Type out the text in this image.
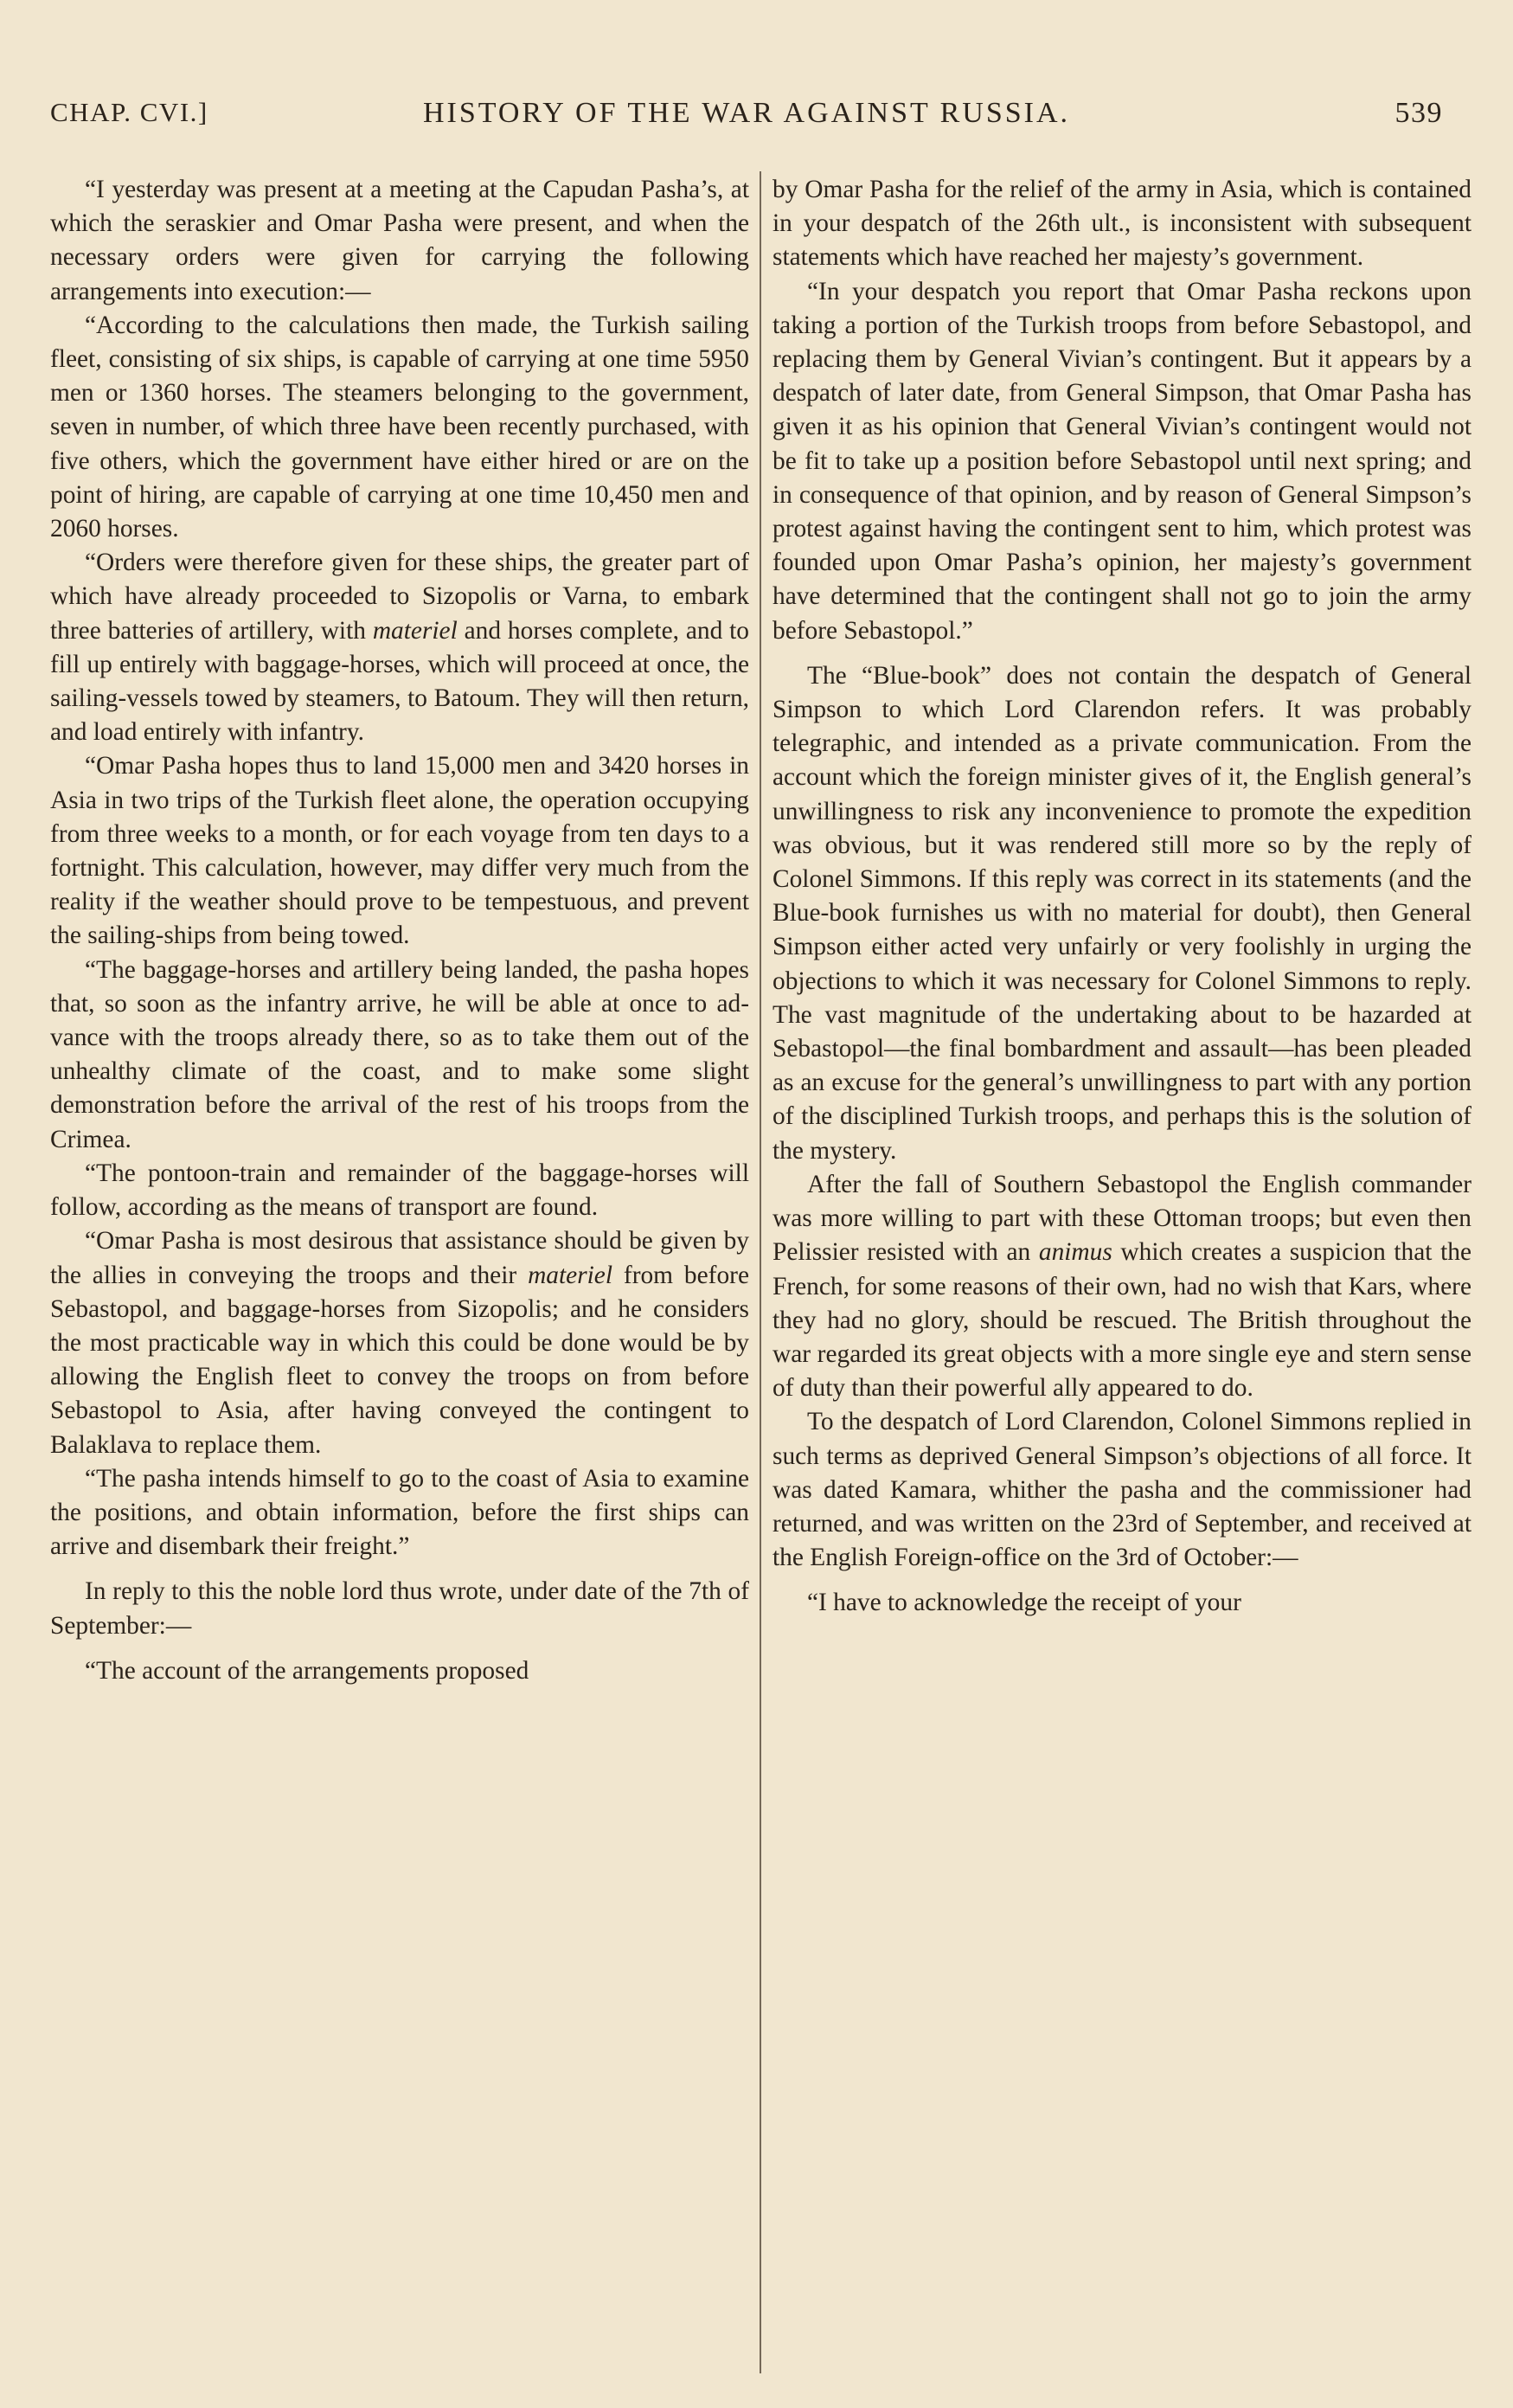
CHAP. CVI.]	HISTORY OF THE WAR AGAINST RUSSIA.	539

“I yesterday was present at a meeting at the Capudan Pasha’s, at which the seraskier and Omar Pasha were present, and when the necessary orders were given for carrying the following arrangements into execution:—

“According to the calculations then made, the Turkish sailing fleet, consisting of six ships, is capable of carrying at one time 5950 men or 1360 horses. The steamers belonging to the government, seven in number, of which three have been recently purchased, with five others, which the government have either hired or are on the point of hiring, are capable of carrying at one time 10,450 men and 2060 horses.

“Orders were therefore given for these ships, the greater part of which have already proceeded to Sizopolis or Varna, to embark three batteries of artillery, with materiel and horses complete, and to fill up entirely with baggage-horses, which will proceed at once, the sailing-vessels towed by steamers, to Batoum. They will then return, and load entirely with infantry.

“Omar Pasha hopes thus to land 15,000 men and 3420 horses in Asia in two trips of the Turkish fleet alone, the operation occupying from three weeks to a month, or for each voyage from ten days to a fortnight. This calculation, however, may differ very much from the reality if the weather should prove to be tempestuous, and prevent the sailing-ships from being towed.

“The baggage-horses and artillery being landed, the pasha hopes that, so soon as the infantry arrive, he will be able at once to advance with the troops already there, so as to take them out of the unhealthy climate of the coast, and to make some slight demonstration before the arrival of the rest of his troops from the Crimea.

“The pontoon-train and remainder of the baggage-horses will follow, according as the means of transport are found.

“Omar Pasha is most desirous that assistance should be given by the allies in conveying the troops and their materiel from before Sebastopol, and baggage-horses from Sizopolis; and he considers the most practicable way in which this could be done would be by allowing the English fleet to convey the troops on from before Sebastopol to Asia, after having conveyed the contingent to Balaklava to replace them.

“The pasha intends himself to go to the coast of Asia to examine the positions, and obtain information, before the first ships can arrive and disembark their freight.”

In reply to this the noble lord thus wrote, under date of the 7th of September:—

“The account of the arrangements proposed

by Omar Pasha for the relief of the army in Asia, which is contained in your despatch of the 26th ult., is inconsistent with subsequent statements which have reached her majesty’s government.

“In your despatch you report that Omar Pasha reckons upon taking a portion of the Turkish troops from before Sebastopol, and replacing them by General Vivian’s contingent. But it appears by a despatch of later date, from General Simpson, that Omar Pasha has given it as his opinion that General Vivian’s contingent would not be fit to take up a position before Sebastopol until next spring; and in consequence of that opinion, and by reason of General Simpson’s protest against having the contingent sent to him, which protest was founded upon Omar Pasha’s opinion, her majesty’s government have determined that the contingent shall not go to join the army before Sebastopol.”

The “Blue-book” does not contain the despatch of General Simpson to which Lord Clarendon refers. It was probably telegraphic, and intended as a private communication. From the account which the foreign minister gives of it, the English general’s unwillingness to risk any inconvenience to promote the expedition was obvious, but it was rendered still more so by the reply of Colonel Simmons. If this reply was correct in its statements (and the Blue-book furnishes us with no material for doubt), then General Simpson either acted very unfairly or very foolishly in urging the objections to which it was necessary for Colonel Simmons to reply. The vast magnitude of the undertaking about to be hazarded at Sebastopol—the final bombardment and assault—has been pleaded as an excuse for the general’s unwillingness to part with any portion of the disciplined Turkish troops, and perhaps this is the solution of the mystery.

After the fall of Southern Sebastopol the English commander was more willing to part with these Ottoman troops; but even then Pelissier resisted with an animus which creates a suspicion that the French, for some reasons of their own, had no wish that Kars, where they had no glory, should be rescued. The British throughout the war regarded its great objects with a more single eye and stern sense of duty than their powerful ally appeared to do.

To the despatch of Lord Clarendon, Colonel Simmons replied in such terms as deprived General Simpson’s objections of all force. It was dated Kamara, whither the pasha and the commissioner had returned, and was written on the 23rd of September, and received at the English Foreign-office on the 3rd of October:—

“I have to acknowledge the receipt of your
